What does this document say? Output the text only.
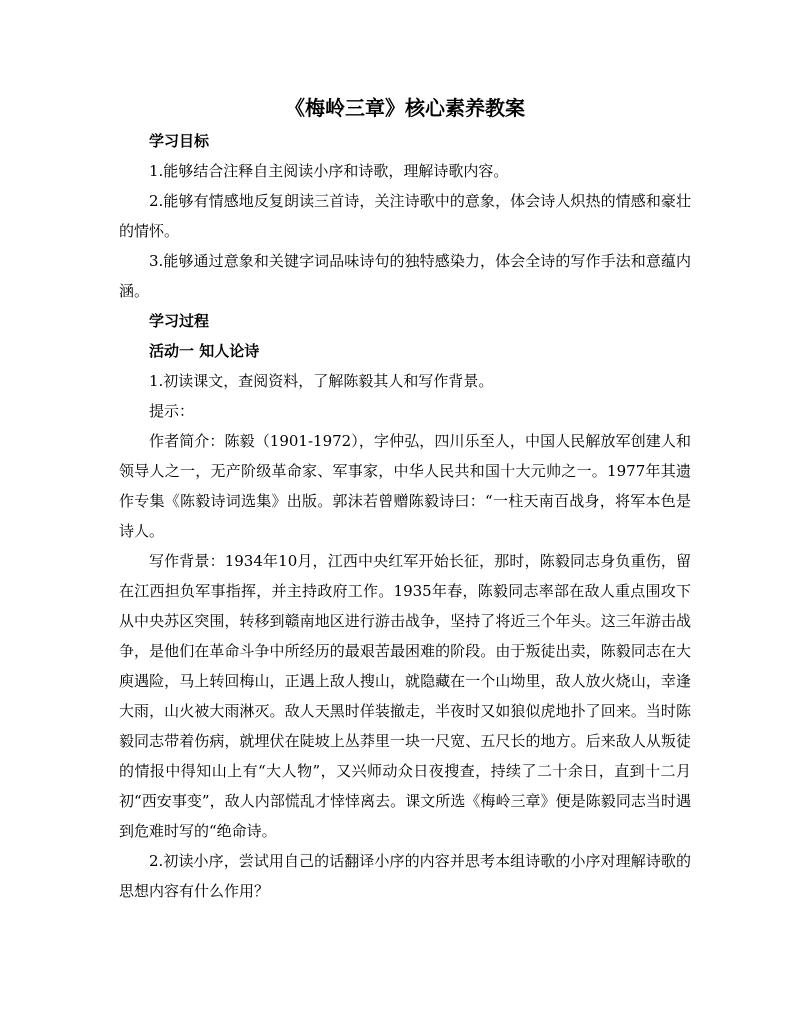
《梅岭三章》核心素养教案

学习目标

1.能够结合注释自主阅读小序和诗歌，理解诗歌内容。

2.能够有情感地反复朗读三首诗，关注诗歌中的意象，体会诗人炽热的情感和豪壮的情怀。

3.能够通过意象和关键字词品味诗句的独特感染力，体会全诗的写作手法和意蕴内涵。

学习过程

活动一 知人论诗

1.初读课文，查阅资料，了解陈毅其人和写作背景。

提示：

作者简介：陈毅（1901-1972），字仲弘，四川乐至人，中国人民解放军创建人和领导人之一，无产阶级革命家、军事家，中华人民共和国十大元帅之一。1977年其遗作专集《陈毅诗词选集》出版。郭沫若曾赠陈毅诗曰：“一柱天南百战身，将军本色是诗人。

写作背景：1934年10月，江西中央红军开始长征，那时，陈毅同志身负重伤，留在江西担负军事指挥，并主持政府工作。1935年春，陈毅同志率部在敌人重点围攻下从中央苏区突围，转移到赣南地区进行游击战争，坚持了将近三个年头。这三年游击战争，是他们在革命斗争中所经历的最艰苦最困难的阶段。由于叛徒出卖，陈毅同志在大庾遇险，马上转回梅山，正遇上敌人搜山，就隐藏在一个山坳里，敌人放火烧山，幸逢大雨，山火被大雨淋灭。敌人天黑时佯装撤走，半夜时又如狼似虎地扑了回来。当时陈毅同志带着伤病，就埋伏在陡坡上丛莽里一块一尺宽、五尺长的地方。后来敌人从叛徒的情报中得知山上有“大人物”，又兴师动众日夜搜查，持续了二十余日，直到十二月初“西安事变”，敌人内部慌乱才悻悻离去。课文所选《梅岭三章》便是陈毅同志当时遇到危难时写的“绝命诗。

2.初读小序，尝试用自己的话翻译小序的内容并思考本组诗歌的小序对理解诗歌的思想内容有什么作用？
